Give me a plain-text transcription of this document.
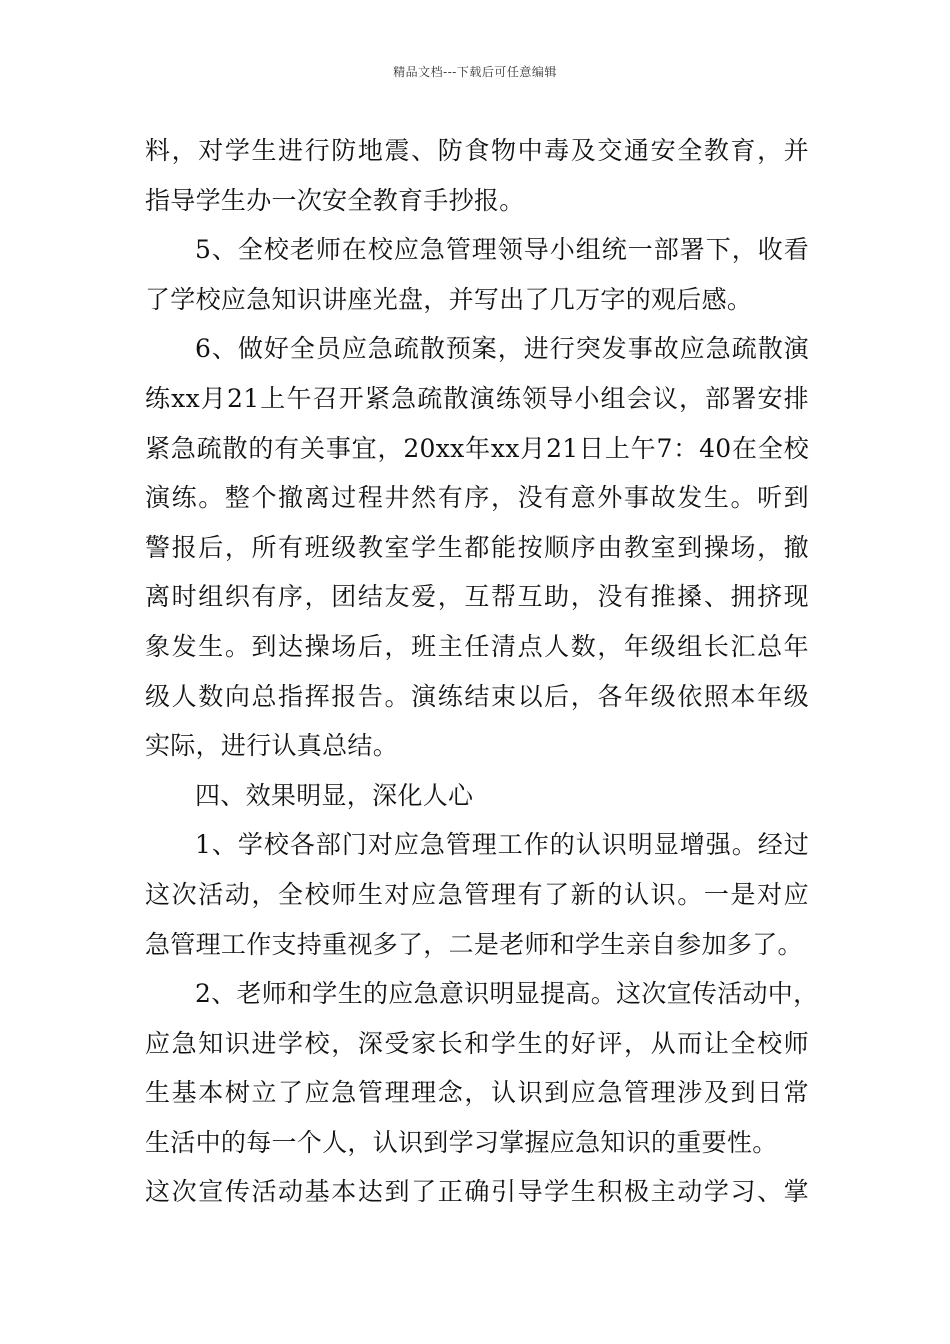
精品文档---下载后可任意编辑
料，对学生进行防地震、防食物中毒及交通安全教育，并
指导学生办一次安全教育手抄报。
5、全校老师在校应急管理领导小组统一部署下，收看
了学校应急知识讲座光盘，并写出了几万字的观后感。
6、做好全员应急疏散预案，进行突发事故应急疏散演
练xx月21上午召开紧急疏散演练领导小组会议，部署安排
紧急疏散的有关事宜，20xx年xx月21日上午7：40在全校
演练。整个撤离过程井然有序，没有意外事故发生。听到
警报后，所有班级教室学生都能按顺序由教室到操场，撤
离时组织有序，团结友爱，互帮互助，没有推搡、拥挤现
象发生。到达操场后，班主任清点人数，年级组长汇总年
级人数向总指挥报告。演练结束以后，各年级依照本年级
实际，进行认真总结。
四、效果明显，深化人心
1、学校各部门对应急管理工作的认识明显增强。经过
这次活动，全校师生对应急管理有了新的认识。一是对应
急管理工作支持重视多了，二是老师和学生亲自参加多了。
2、老师和学生的应急意识明显提高。这次宣传活动中，
应急知识进学校，深受家长和学生的好评，从而让全校师
生基本树立了应急管理理念，认识到应急管理涉及到日常
生活中的每一个人，认识到学习掌握应急知识的重要性。
这次宣传活动基本达到了正确引导学生积极主动学习、掌
